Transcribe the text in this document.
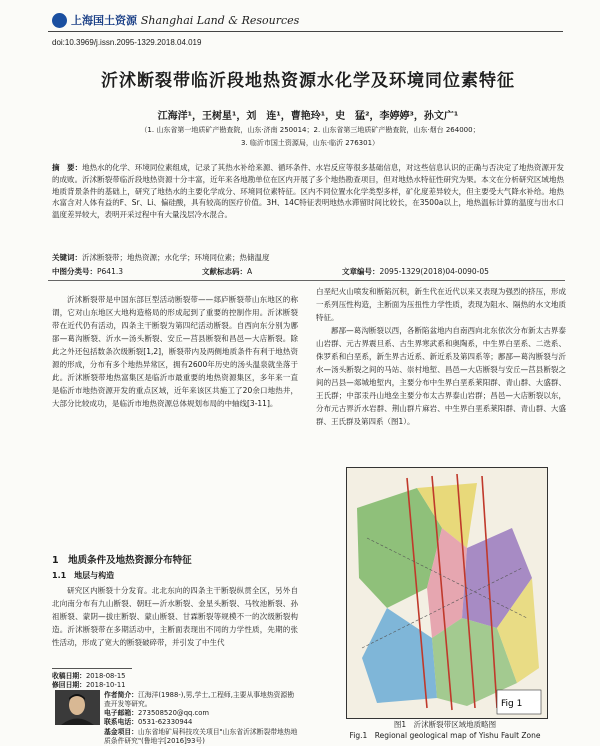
上海国土资源 Shanghai Land & Resources
doi:10.3969/j.issn.2095-1329.2018.04.019
沂沭断裂带临沂段地热资源水化学及环境同位素特征
江海洋¹，王树星¹，刘　连¹，曹艳玲¹，史　猛²，李婷婷³，孙文广¹
（1. 山东省第一地质矿产勘查院，山东·济南 250014；2. 山东省第三地质矿产勘查院，山东·烟台 264000；
3. 临沂市国土资源局，山东·临沂 276301）
摘　要：地热水的化学、环境同位素组成，记录了其热水补给来源、循环条件、水岩反应等很多基础信息，对这些信息认识的正确与否决定了地热资源开发的成败。沂沭断裂带临沂段地热资源十分丰富，近年来各地勘单位在区内开展了多个地热勘查项目，但对地热水特征性研究为果。本文在分析研究区域地热地质背景条件的基础上，研究了地热水的主要化学成分、环境同位素特征。区内不同位置水化学类型多样，矿化度差异较大，但主要受大气降水补给。地热水富含对人体有益的F、Sr、Li、偏硅酸，具有较高的医疗价值。3H、14C特征表明地热水滞留时间比较长，在3500a以上，地热温标计算的温度与出水口温度差异较大，表明开采过程中有大量浅层冷水混合。
关键词：沂沭断裂带；地热资源；水化学；环境同位素；热储温度
中图分类号：P641.3	文献标志码：A	文章编号：2095-1329(2018)04-0090-05

沂沭断裂带是中国东部巨型活动断裂带——郯庐断裂带山东地区的称谓，它对山东地区大地构造格局的形成起到了重要的控制作用。沂沭断裂带在近代仍有活动，四条主干断裂为第四纪活动断裂。自西向东分别为鄌郚—葛沟断裂、沂水—汤头断裂、安丘—莒县断裂和昌邑—大店断裂。除此之外还包括数条次级断裂[1,2]，断裂带内及两侧地质条件有利于地热资源的形成，分布有多个地热异常区，拥有2600年历史的汤头温泉就坐落于此。沂沭断裂带地热富集区是临沂市最重要的地热资源集区，多年来一直是临沂市地热资源开发的重点区域，近年来该区共施工了20余口地热井，大部分比较成功，是临沂市地热资源总体规划布局的中轴线[3-11]。

1　地质条件及地热资源分布特征
1.1　地层与构造

研究区内断裂十分发育。北北东向的四条主干断裂纵贯全区，另外自北向南分布有九山断裂、朝旺—沂水断裂、金星头断裂、马牧池断裂、孙祖断裂、蒙阴—拔庄断裂、蒙山断裂、甘霖断裂等规模不一的次级断裂构造。沂沭断裂带在多期活动中，主断面表现出不同的力学性质，先期的张性活动，形成了宽大的断裂破碎带，并引发了中生代

收稿日期：2018-08-15
修回日期：2018-10-11
作者简介：江海洋(1988-),男,学士,工程师,主要从事地热资源勘查开发等研究。
电子邮箱：273508520@qq.com
联系电话：0531-62330944
基金项目：山东省地矿局科技攻关项目"山东省沂沭断裂带地热地质条件研究"(鲁地字[2016]93号)

白垩纪火山喷发和断陷沉积，新生代在近代以来又表现为强烈的挤压，形成一系列压性构造，主断面为压扭性力学性质，表现为阻水、隔热的水文地质特征。

鄌郚—葛沟断裂以西，各断陷盆地内自南西向北东依次分布新太古界泰山岩群、元古界震旦系、古生界寒武系和奥陶系，中生界白垩系、二迭系、侏罗系和白垩系，新生界古近系、新近系及第四系等；鄌郚—葛沟断裂与沂水—汤头断裂之间的马站、崇村地堑、昌邑—大店断裂与安丘—莒县断裂之间的吕县—郯城地堑内，主要分布中生界白垩系莱阳群、青山群、大盛群、王氏群；中部汞丹山地垒主要分布太古界泰山岩群；昌邑—大店断裂以东，分布元古界沂水岩群、荆山群片麻岩、中生界白垩系莱阳群、青山群、大盛群、王氏群及第四系（图1）。

Fig 1
图1　沂沭断裂带区域地质略图
Fig.1　Regional geological map of Yishu Fault Zone
